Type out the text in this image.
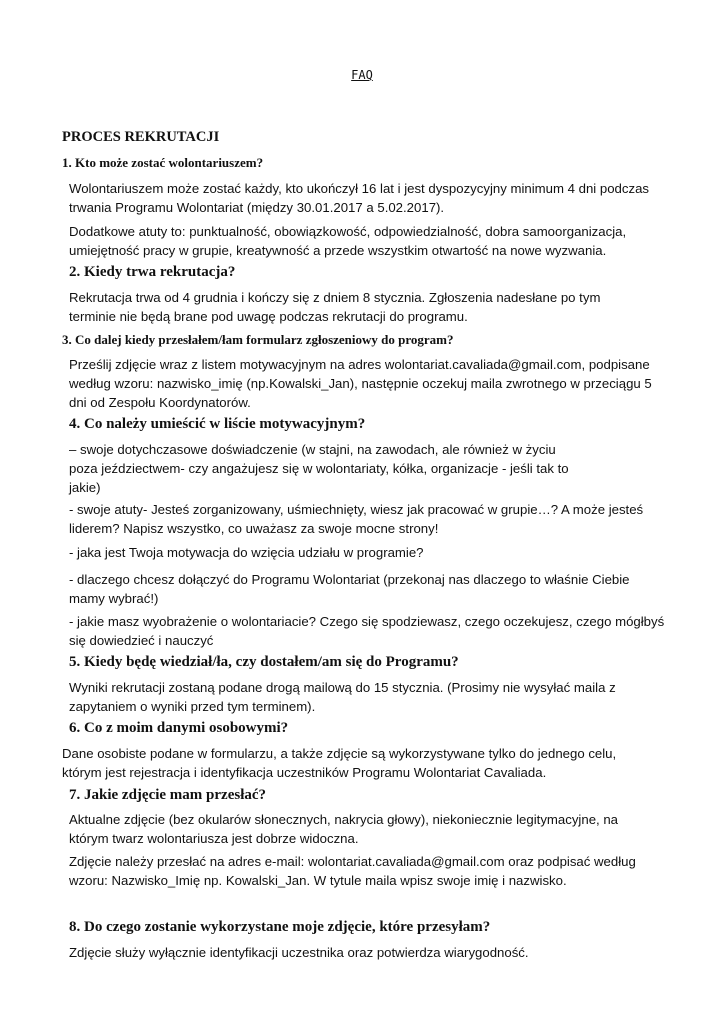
FAQ
PROCES REKRUTACJI
1. Kto może zostać wolontariuszem?
Wolontariuszem może zostać każdy, kto ukończył 16 lat i jest dyspozycyjny minimum 4 dni podczas
trwania Programu Wolontariat (między 30.01.2017 a 5.02.2017).
Dodatkowe atuty to: punktualność, obowiązkowość, odpowiedzialność, dobra samoorganizacja,
umiejętność pracy w grupie, kreatywność a przede wszystkim otwartość na nowe wyzwania.
2. Kiedy trwa rekrutacja?
Rekrutacja trwa od 4 grudnia i kończy się z dniem 8 stycznia. Zgłoszenia nadesłane po tym
terminie nie będą brane pod uwagę podczas rekrutacji do programu.
3. Co dalej kiedy przesłałem/łam formularz zgłoszeniowy do program?
Prześlij zdjęcie wraz z listem motywacyjnym na adres wolontariat.cavaliada@gmail.com, podpisane
według wzoru: nazwisko_imię (np.Kowalski_Jan), następnie oczekuj maila zwrotnego w przeciągu 5
dni od Zespołu Koordynatorów.
4. Co należy umieścić w liście motywacyjnym?
– swoje dotychczasowe doświadczenie (w stajni, na zawodach, ale również w życiu
poza jeździectwem- czy angażujesz się w wolontariaty, kółka, organizacje - jeśli tak to
jakie)
- swoje atuty- Jesteś zorganizowany, uśmiechnięty, wiesz jak pracować w grupie…? A może jesteś
liderem? Napisz wszystko, co uważasz za swoje mocne strony!
- jaka jest Twoja motywacja do wzięcia udziału w programie?
- dlaczego chcesz dołączyć do Programu Wolontariat (przekonaj nas dlaczego to właśnie Ciebie
mamy wybrać!)
- jakie masz wyobrażenie o wolontariacie? Czego się spodziewasz, czego oczekujesz, czego mógłbyś
się dowiedzieć i nauczyć
5. Kiedy będę wiedział/ła, czy dostałem/am się do Programu?
Wyniki rekrutacji zostaną podane drogą mailową do 15 stycznia. (Prosimy nie wysyłać maila z
zapytaniem o wyniki przed tym terminem).
6. Co z moim danymi osobowymi?
Dane osobiste podane w formularzu, a także zdjęcie są wykorzystywane tylko do jednego celu,
którym jest rejestracja i identyfikacja uczestników Programu Wolontariat Cavaliada.
7. Jakie zdjęcie mam przesłać?
Aktualne zdjęcie (bez okularów słonecznych, nakrycia głowy), niekoniecznie legitymacyjne, na
którym twarz wolontariusza jest dobrze widoczna.
Zdjęcie należy przesłać na adres e-mail: wolontariat.cavaliada@gmail.com oraz podpisać według
wzoru: Nazwisko_Imię np. Kowalski_Jan. W tytule maila wpisz swoje imię i nazwisko.
8. Do czego zostanie wykorzystane moje zdjęcie, które przesyłam?
Zdjęcie służy wyłącznie identyfikacji uczestnika oraz potwierdza wiarygodność.
